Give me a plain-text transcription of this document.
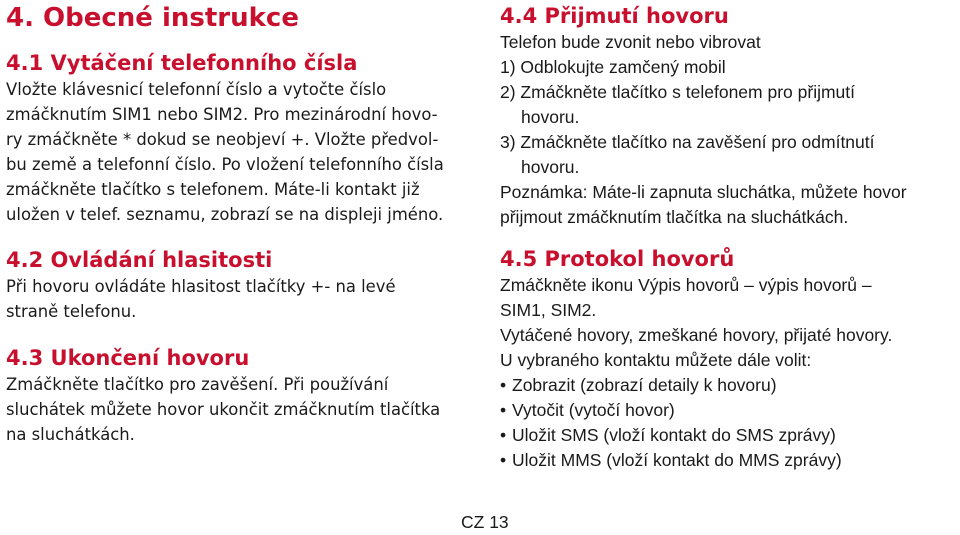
4. Obecné instrukce
4.1 Vytáčení telefonního čísla

Vložte klávesnicí telefonní číslo a vytočte číslo

zmáčknutím SIM1 nebo SIM2. Pro mezinárodní hovo-

ry zmáčkněte * dokud se neobjeví +. Vložte předvol-

bu země a telefonní číslo. Po vložení telefonního čísla

zmáčkněte tlačítko s telefonem. Máte-li kontakt již

uložen v telef. seznamu, zobrazí se na displeji jméno.

4.2 Ovládání hlasitosti

Při hovoru ovládáte hlasitost tlačítky +- na levé

straně telefonu.

4.3 Ukončení hovoru

Zmáčkněte tlačítko pro zavěšení. Při používání

sluchátek můžete hovor ukončit zmáčknutím tlačítka

na sluchátkách.

4.4 Přijmutí hovoru

Telefon bude zvonit nebo vibrovat

1) Odblokujte zamčený mobil

2) Zmáčkněte tlačítko s telefonem pro přijmutí

hovoru.

3) Zmáčkněte tlačítko na zavěšení pro odmítnutí

hovoru.

Poznámka: Máte-li zapnuta sluchátka, můžete hovor

přijmout zmáčknutím tlačítka na sluchátkách.

4.5 Protokol hovorů

Zmáčkněte ikonu Výpis hovorů – výpis hovorů –

SIM1, SIM2.

Vytáčené hovory, zmeškané hovory, přijaté hovory.

U vybraného kontaktu můžete dále volit:

• Zobrazit (zobrazí detaily k hovoru)
• Vytočit (vytočí hovor)
• Uložit SMS (vloží kontakt do SMS zprávy)
• Uložit MMS (vloží kontakt do MMS zprávy)
CZ 13
